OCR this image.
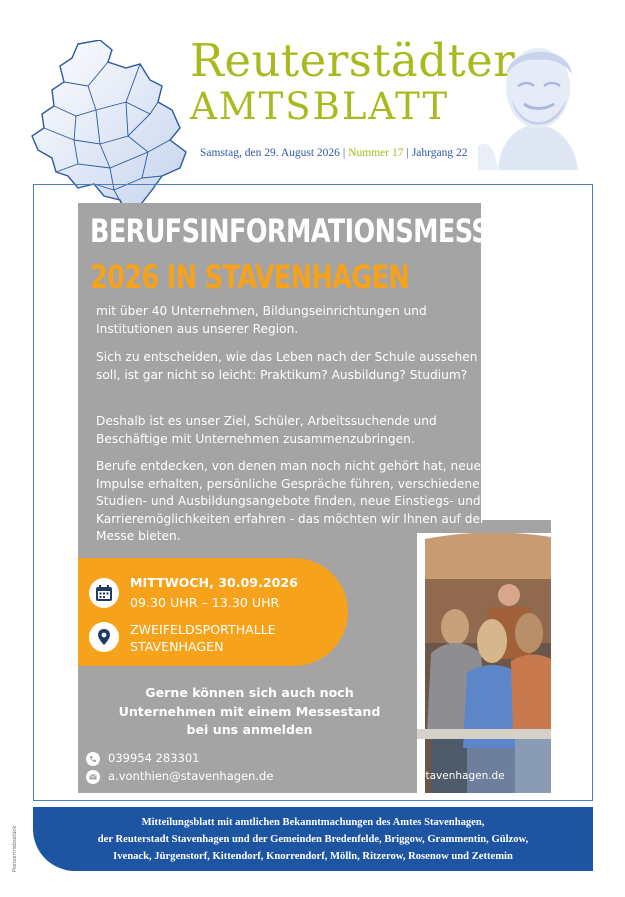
Reuterstädter
AMTSBLATT
Samstag, den 29. August 2026 | Nummer 17 | Jahrgang 22
BERUFSINFORMATIONSMESSE
2026 IN STAVENHAGEN
mit über 40 Unternehmen, Bildungseinrichtungen und Institutionen aus unserer Region.
Sich zu entscheiden, wie das Leben nach der Schule aussehen soll, ist gar nicht so leicht: Praktikum? Ausbildung? Studium?
Deshalb ist es unser Ziel, Schüler, Arbeitssuchende und Beschäftige mit Unternehmen zusammenzubringen.
Berufe entdecken, von denen man noch nicht gehört hat, neue Impulse erhalten, persönliche Gespräche führen, verschiedene Studien- und Ausbildungsangebote finden, neue Einstiegs- und Karrieremöglichkeiten erfahren - das möchten wir Ihnen auf der Messe bieten.
MITTWOCH, 30.09.2026
09.30 UHR – 13.30 UHR
ZWEIFELDSPORTHALLE
STAVENHAGEN
Gerne können sich auch noch
Unternehmen mit einem Messestand
bei uns anmelden
039954 283301
a.vonthien@stavenhagen.de	stavenhagen.de
Mitteilungsblatt mit amtlichen Bekanntmachungen des Amtes Stavenhagen,
der Reuterstadt Stavenhagen und der Gemeinden Bredenfelde, Briggow, Grammentin, Gülzow,
Ivenack, Jürgenstorf, Kittendorf, Knorrendorf, Mölln, Ritzerow, Rosenow und Zettemin
Postvertriebsstück
